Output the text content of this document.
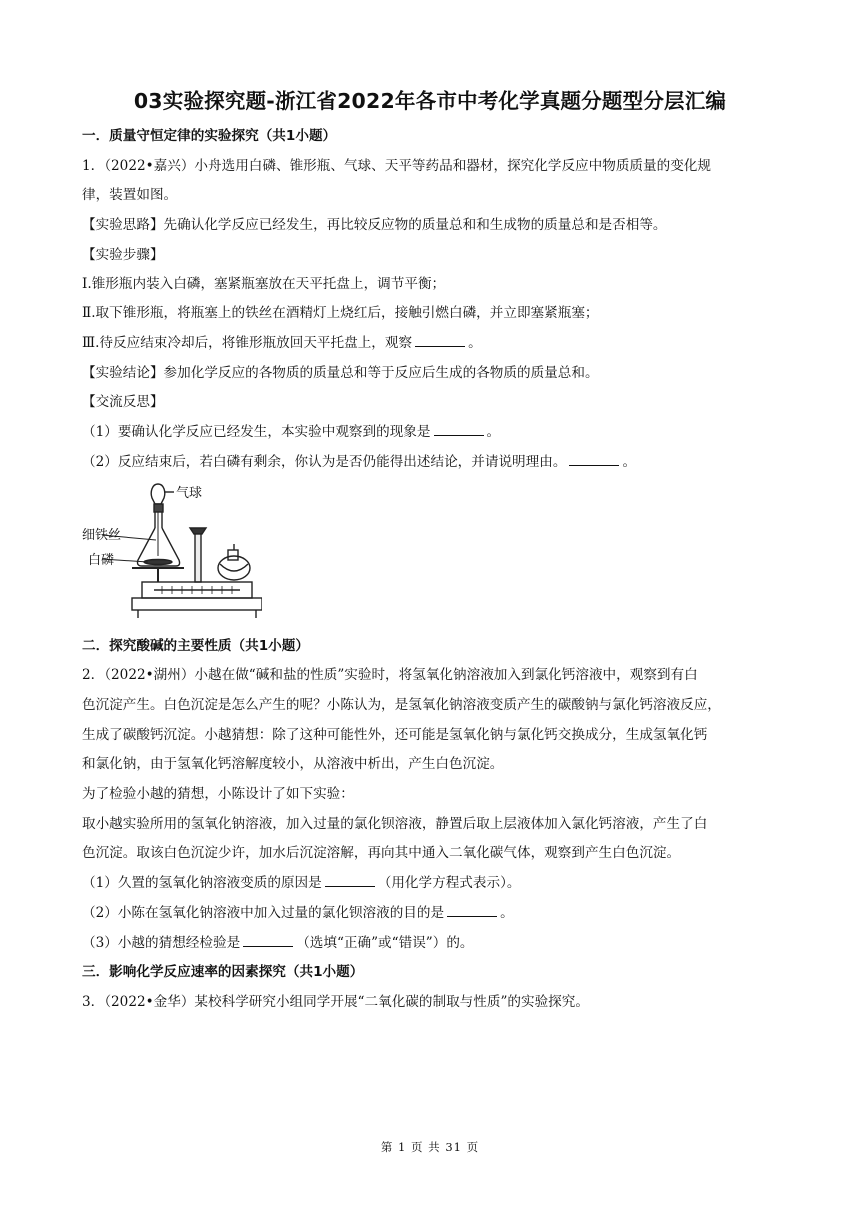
03实验探究题-浙江省2022年各市中考化学真题分题型分层汇编
一．质量守恒定律的实验探究（共1小题）
1．（2022•嘉兴）小舟选用白磷、锥形瓶、气球、天平等药品和器材，探究化学反应中物质质量的变化规
律，装置如图。
【实验思路】先确认化学反应已经发生，再比较反应物的质量总和和生成物的质量总和是否相等。
【实验步骤】
Ⅰ.锥形瓶内装入白磷，塞紧瓶塞放在天平托盘上，调节平衡；
Ⅱ.取下锥形瓶，将瓶塞上的铁丝在酒精灯上烧红后，接触引燃白磷，并立即塞紧瓶塞；
Ⅲ.待反应结束冷却后，将锥形瓶放回天平托盘上，观察	。
【实验结论】参加化学反应的各物质的质量总和等于反应后生成的各物质的质量总和。
【交流反思】
（1）要确认化学反应已经发生，本实验中观察到的现象是	。
（2）反应结束后，若白磷有剩余，你认为是否仍能得出述结论，并请说明理由。	。
气球
细铁丝
白磷
二．探究酸碱的主要性质（共1小题）
2．（2022•湖州）小越在做“碱和盐的性质”实验时，将氢氧化钠溶液加入到氯化钙溶液中，观察到有白
色沉淀产生。白色沉淀是怎么产生的呢？小陈认为，是氢氧化钠溶液变质产生的碳酸钠与氯化钙溶液反应，
生成了碳酸钙沉淀。小越猜想：除了这种可能性外，还可能是氢氧化钠与氯化钙交换成分，生成氢氧化钙
和氯化钠，由于氢氧化钙溶解度较小，从溶液中析出，产生白色沉淀。
为了检验小越的猜想，小陈设计了如下实验：
取小越实验所用的氢氧化钠溶液，加入过量的氯化钡溶液，静置后取上层液体加入氯化钙溶液，产生了白
色沉淀。取该白色沉淀少许，加水后沉淀溶解，再向其中通入二氧化碳气体，观察到产生白色沉淀。
（1）久置的氢氧化钠溶液变质的原因是	（用化学方程式表示）。
（2）小陈在氢氧化钠溶液中加入过量的氯化钡溶液的目的是	。
（3）小越的猜想经检验是	（选填“正确”或“错误”）的。
三．影响化学反应速率的因素探究（共1小题）
3．（2022•金华）某校科学研究小组同学开展“二氧化碳的制取与性质”的实验探究。
第 1 页 共 31 页
